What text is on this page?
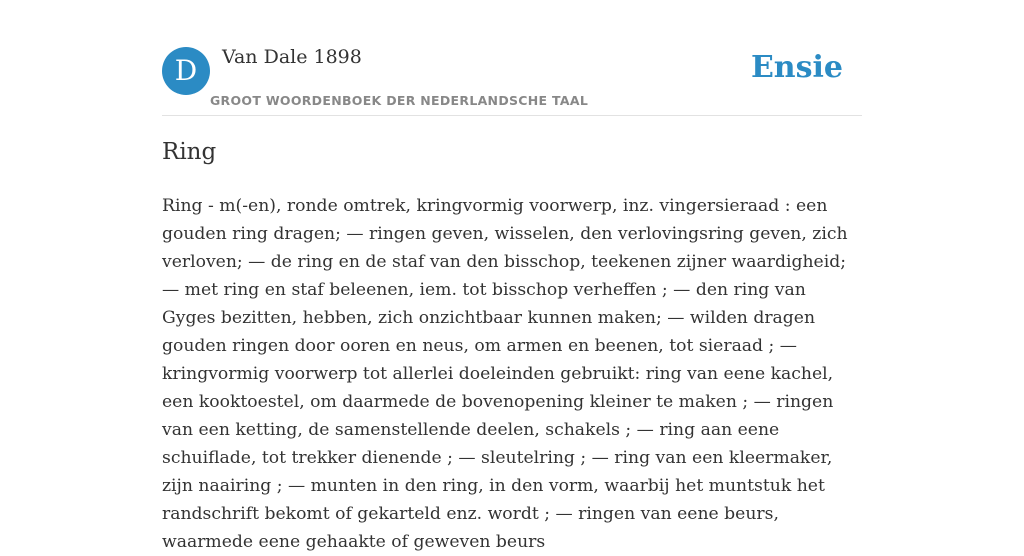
D	Van Dale 1898
GROOT WOORDENBOEK DER NEDERLANDSCHE TAAL
Ensie
Ring

Ring - m(-en), ronde omtrek, kringvormig voorwerp, inz. vingersieraad : een gouden ring dragen; — ringen geven, wisselen, den verlovingsring geven, zich verloven; — de ring en de staf van den bisschop, teekenen zijner waardigheid; — met ring en staf beleenen, iem. tot bisschop verheffen ; — den ring van Gyges bezitten, hebben, zich onzichtbaar kunnen maken; — wilden dragen gouden ringen door ooren en neus, om armen en beenen, tot sieraad ; — kringvormig voorwerp tot allerlei doeleinden gebruikt: ring van eene kachel, een kooktoestel, om daarmede de bovenopening kleiner te maken ; — ringen van een ketting, de samenstellende deelen, schakels ; — ring aan eene schuiflade, tot trekker dienende ; — sleutelring ; — ring van een kleermaker, zijn naairing ; — munten in den ring, in den vorm, waarbij het muntstuk het randschrift bekomt of gekarteld enz. wordt ; — ringen van eene beurs, waarmede eene gehaakte of geweven beurs
